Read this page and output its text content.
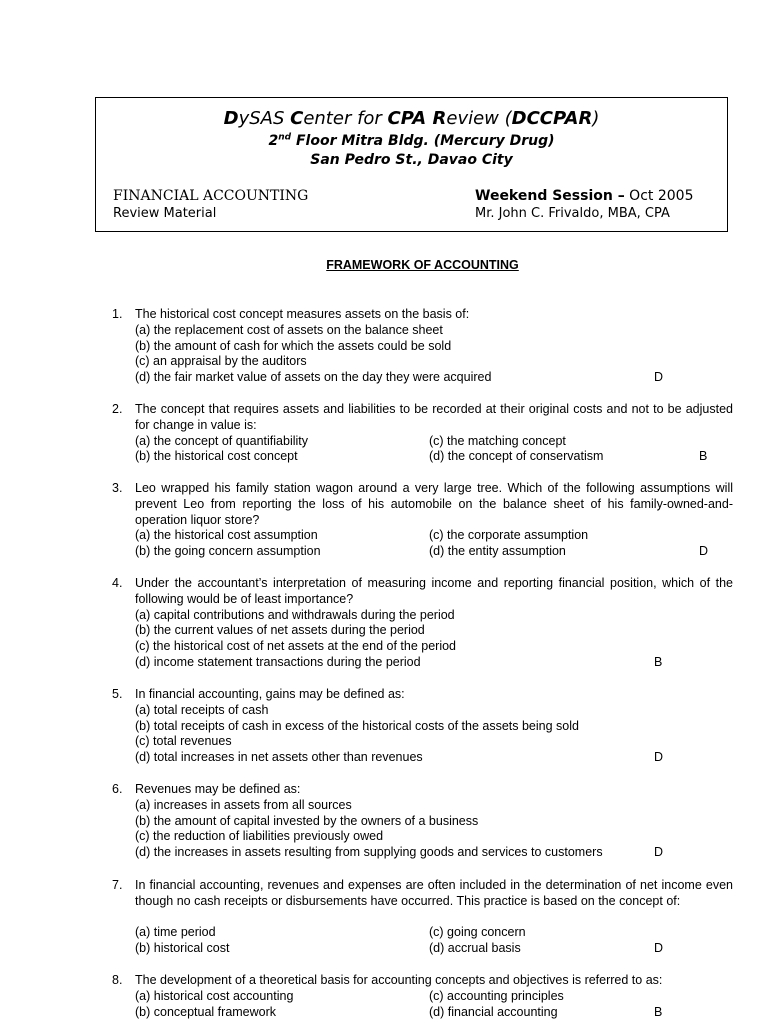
DySAS Center for CPA Review (DCCPAR)
2nd Floor Mitra Bldg. (Mercury Drug)
San Pedro St., Davao City
FINANCIAL ACCOUNTING
Review Material
Weekend Session – Oct 2005
Mr. John C. Frivaldo, MBA, CPA
FRAMEWORK OF ACCOUNTING
1. The historical cost concept measures assets on the basis of:
(a) the replacement cost of assets on the balance sheet
(b) the amount of cash for which the assets could be sold
(c) an appraisal by the auditors
(d) the fair market value of assets on the day they were acquired	D
2. The concept that requires assets and liabilities to be recorded at their original costs and not to be adjusted for change in value is:
(a) the concept of quantifiability
(b) the historical cost concept
(c) the matching concept
(d) the concept of conservatism	B
3. Leo wrapped his family station wagon around a very large tree. Which of the following assumptions will prevent Leo from reporting the loss of his automobile on the balance sheet of his family-owned-and-operation liquor store?
(a) the historical cost assumption
(b) the going concern assumption
(c) the corporate assumption
(d) the entity assumption	D
4. Under the accountant’s interpretation of measuring income and reporting financial position, which of the following would be of least importance?
(a) capital contributions and withdrawals during the period
(b) the current values of net assets during the period
(c) the historical cost of net assets at the end of the period
(d) income statement transactions during the period	B
5. In financial accounting, gains may be defined as:
(a) total receipts of cash
(b) total receipts of cash in excess of the historical costs of the assets being sold
(c) total revenues
(d) total increases in net assets other than revenues	D
6. Revenues may be defined as:
(a) increases in assets from all sources
(b) the amount of capital invested by the owners of a business
(c) the reduction of liabilities previously owed
(d) the increases in assets resulting from supplying goods and services to customers	D
7. In financial accounting, revenues and expenses are often included in the determination of net income even though no cash receipts or disbursements have occurred. This practice is based on the concept of:
(a) time period
(b) historical cost
(c) going concern
(d) accrual basis	D
8. The development of a theoretical basis for accounting concepts and objectives is referred to as:
(a) historical cost accounting
(b) conceptual framework
(c) accounting principles
(d) financial accounting	B
